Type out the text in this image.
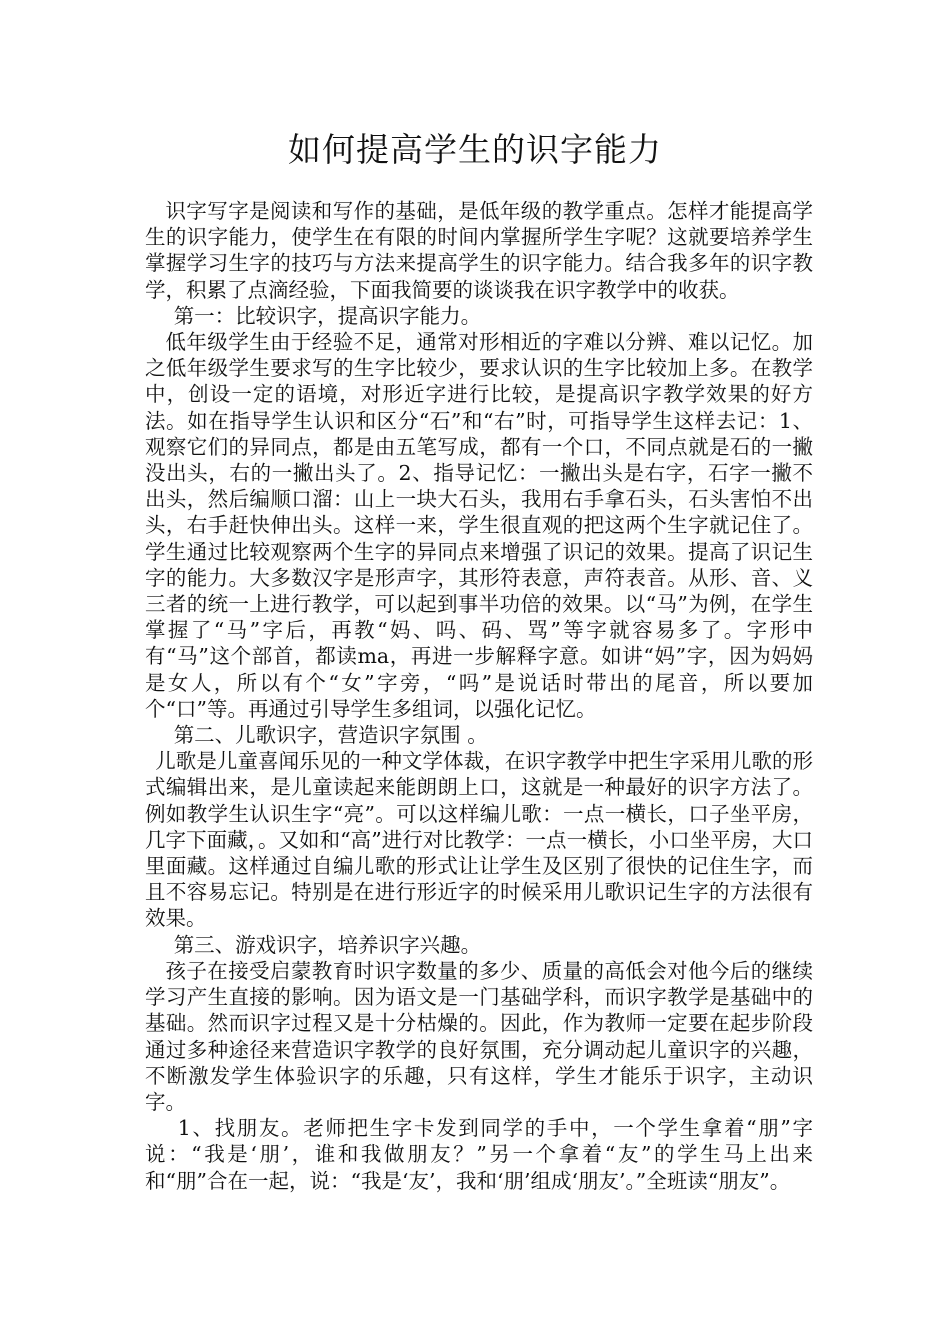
如何提高学生的识字能力

识字写字是阅读和写作的基础，是低年级的教学重点。怎样才能提高学生的识字能力，使学生在有限的时间内掌握所学生字呢？这就要培养学生掌握学习生字的技巧与方法来提高学生的识字能力。结合我多年的识字教学，积累了点滴经验，下面我简要的谈谈我在识字教学中的收获。

第一：比较识字，提高识字能力。

低年级学生由于经验不足，通常对形相近的字难以分辨、难以记忆。加之低年级学生要求写的生字比较少，要求认识的生字比较加上多。在教学中，创设一定的语境，对形近字进行比较，是提高识字教学效果的好方法。如在指导学生认识和区分“石”和“右”时，可指导学生这样去记：1、观察它们的异同点，都是由五笔写成，都有一个口，不同点就是石的一撇没出头，右的一撇出头了。2、指导记忆：一撇出头是右字，石字一撇不出头，然后编顺口溜：山上一块大石头，我用右手拿石头，石头害怕不出头，右手赶快伸出头。这样一来，学生很直观的把这两个生字就记住了。学生通过比较观察两个生字的异同点来增强了识记的效果。提高了识记生字的能力。大多数汉字是形声字，其形符表意，声符表音。从形、音、义三者的统一上进行教学，可以起到事半功倍的效果。以“马”为例，在学生掌握了“马”字后，再教“妈、吗、码、骂”等字就容易多了。字形中有“马”这个部首，都读ma，再进一步解释字意。如讲“妈”字，因为妈妈是女人，所以有个“女”字旁，“吗”是说话时带出的尾音，所以要加个“口”等。再通过引导学生多组词，以强化记忆。

第二、儿歌识字，营造识字氛围 。

儿歌是儿童喜闻乐见的一种文学体裁，在识字教学中把生字采用儿歌的形式编辑出来，是儿童读起来能朗朗上口，这就是一种最好的识字方法了。例如教学生认识生字“亮”。可以这样编儿歌：一点一横长，口子坐平房，几字下面藏，。又如和“高”进行对比教学：一点一横长，小口坐平房，大口里面藏。这样通过自编儿歌的形式让让学生及区别了很快的记住生字，而且不容易忘记。特别是在进行形近字的时候采用儿歌识记生字的方法很有效果。

第三、游戏识字，培养识字兴趣。

孩子在接受启蒙教育时识字数量的多少、质量的高低会对他今后的继续学习产生直接的影响。因为语文是一门基础学科，而识字教学是基础中的基础。然而识字过程又是十分枯燥的。因此，作为教师一定要在起步阶段通过多种途径来营造识字教学的良好氛围，充分调动起儿童识字的兴趣，不断激发学生体验识字的乐趣，只有这样，学生才能乐于识字，主动识字。

1、找朋友。老师把生字卡发到同学的手中，一个学生拿着“朋”字说：“我是‘朋’，谁和我做朋友？”另一个拿着“友”的学生马上出来和“朋”合在一起，说：“我是‘友’，我和‘朋’组成‘朋友’。”全班读“朋友”。
